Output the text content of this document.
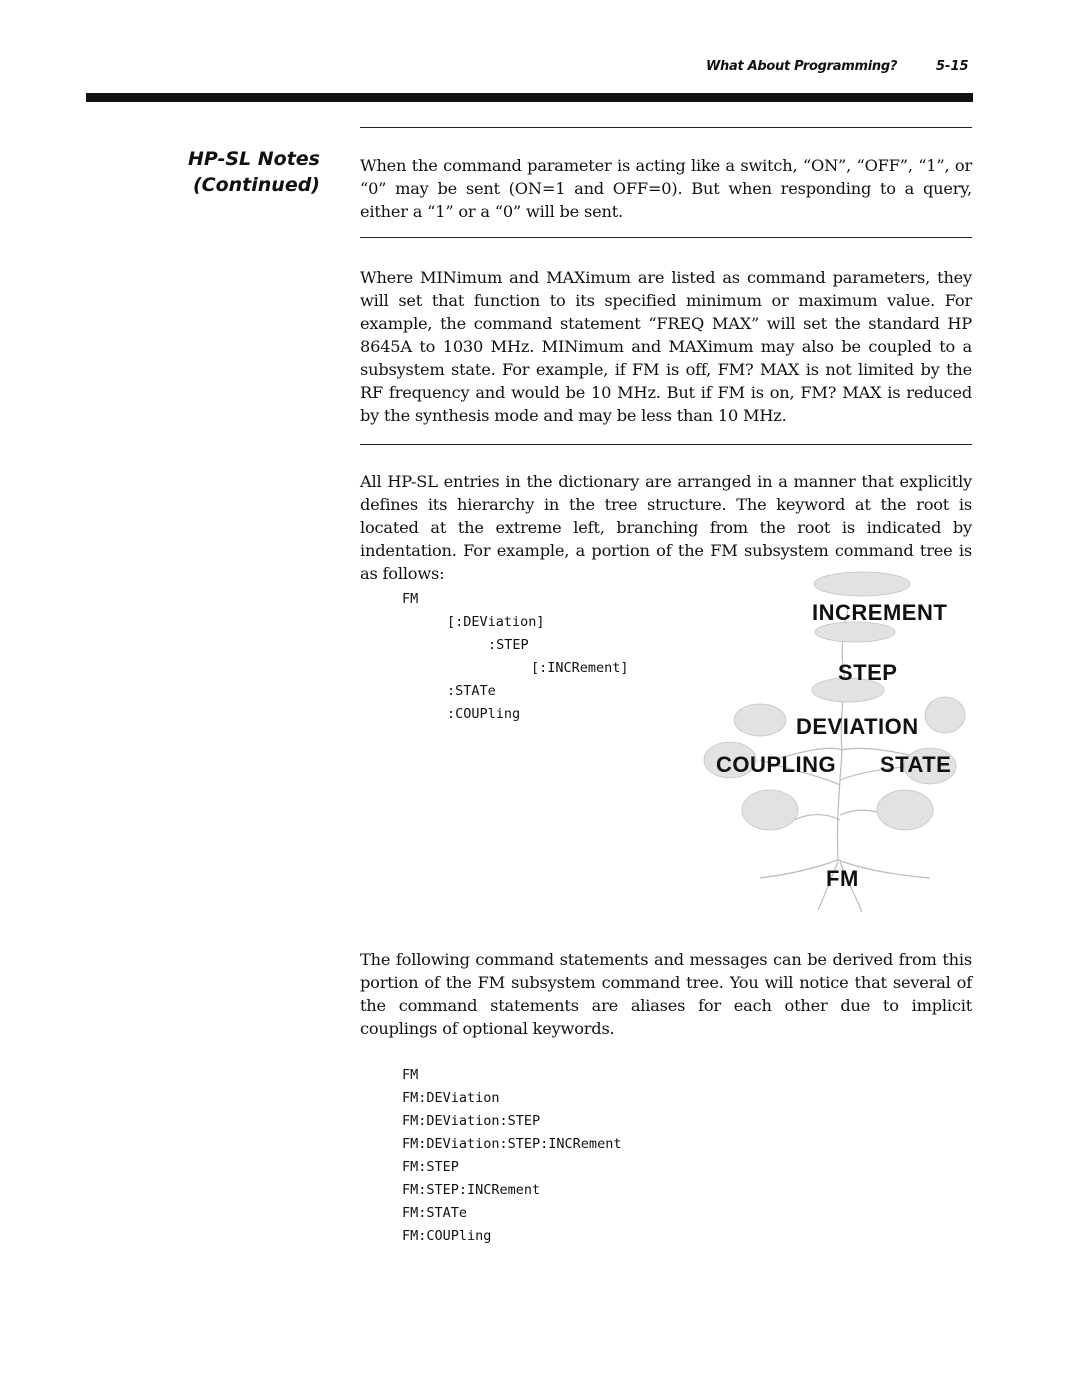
What About Programming?	5-15
HP-SL Notes
(Continued)
When the command parameter is acting like a switch, “ON”, “OFF”, “1”, or “0” may be sent (ON=1 and OFF=0). But when responding to a query, either a “1” or a “0” will be sent.
Where MINimum and MAXimum are listed as command parameters, they will set that function to its specified minimum or maximum value. For example, the command statement “FREQ MAX” will set the standard HP 8645A to 1030 MHz. MINimum and MAXimum may also be coupled to a subsystem state. For example, if FM is off, FM? MAX is not limited by the RF frequency and would be 10 MHz. But if FM is on, FM? MAX is reduced by the synthesis mode and may be less than 10 MHz.
All HP-SL entries in the dictionary are arranged in a manner that explicitly defines its hierarchy in the tree structure. The keyword at the root is located at the extreme left, branching from the root is indicated by indentation. For example, a portion of the FM subsystem command tree is as follows:
FM
[:DEViation]
:STEP
[:INCRement]
:STATe
:COUPling
INCREMENT
STEP
DEVIATION
COUPLING STATE
FM
The following command statements and messages can be derived from this portion of the FM subsystem command tree. You will notice that several of the command statements are aliases for each other due to implicit couplings of optional keywords.
FM
FM:DEViation
FM:DEViation:STEP
FM:DEViation:STEP:INCRement
FM:STEP
FM:STEP:INCRement
FM:STATe
FM:COUPling
